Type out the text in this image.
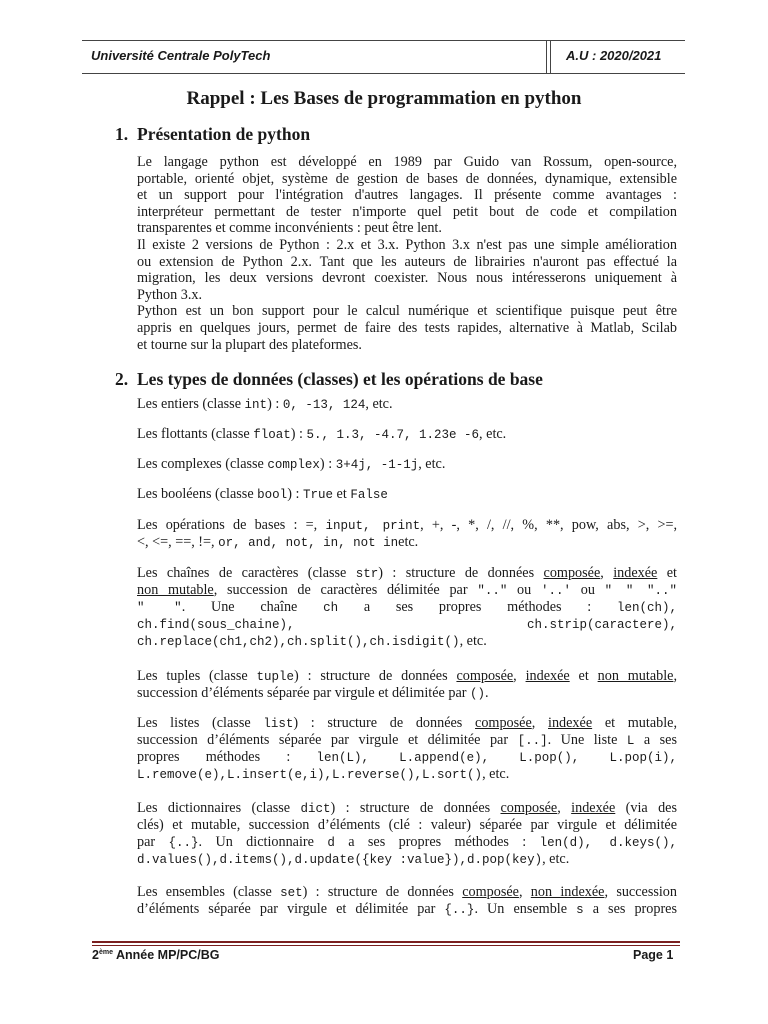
Université Centrale PolyTech	A.U : 2020/2021
Rappel : Les Bases de programmation en python
1. Présentation de python
Le langage python est développé en 1989 par Guido van Rossum, open-source,
portable, orienté objet, système de gestion de bases de données, dynamique, extensible
et un support pour l'intégration d'autres langages. Il présente comme avantages :
interpréteur permettant de tester n'importe quel petit bout de code et compilation
transparentes et comme inconvénients : peut être lent.
Il existe 2 versions de Python : 2.x et 3.x. Python 3.x n'est pas une simple amélioration
ou extension de Python 2.x. Tant que les auteurs de librairies n'auront pas effectué la
migration, les deux versions devront coexister. Nous nous intéresserons uniquement à
Python 3.x.
Python est un bon support pour le calcul numérique et scientifique puisque peut être
appris en quelques jours, permet de faire des tests rapides, alternative à Matlab, Scilab
et tourne sur la plupart des plateformes.
2. Les types de données (classes) et les opérations de base
Les entiers (classe int) : 0, -13, 124, etc.
Les flottants (classe float) : 5., 1.3, -4.7, 1.23e -6, etc.
Les complexes (classe complex) : 3+4j, -1-1j, etc.
Les booléens (classe bool) : True et False
Les opérations de bases : =, input, print, +, -, *, /, //, %, **, pow, abs, >, >=,
<, <=, ==, !=, or, and, not, in, not inetc.
Les chaînes de caractères (classe str) : structure de données composée, indexée et
non mutable, succession de caractères délimitée par ".." ou '..' ou " " ".."
" ". Une chaîne ch a ses propres méthodes : len(ch),
ch.find(sous_chaine),	ch.strip(caractere),
ch.replace(ch1,ch2),ch.split(),ch.isdigit(), etc.
Les tuples (classe tuple) : structure de données composée, indexée et non mutable,
succession d’éléments séparée par virgule et délimitée par ().
Les listes (classe list) : structure de données composée, indexée et mutable,
succession d’éléments séparée par virgule et délimitée par [..]. Une liste L a ses
propres méthodes : len(L), L.append(e), L.pop(), L.pop(i),
L.remove(e),L.insert(e,i),L.reverse(),L.sort(), etc.
Les dictionnaires (classe dict) : structure de données composée, indexée (via des
clés) et mutable, succession d’éléments (clé : valeur) séparée par virgule et délimitée
par {..}. Un dictionnaire d a ses propres méthodes : len(d), d.keys(),
d.values(),d.items(),d.update({key :value}),d.pop(key), etc.
Les ensembles (classe set) : structure de données composée, non indexée, succession
d’éléments séparée par virgule et délimitée par {..}. Un ensemble s a ses propres
2ème Année MP/PC/BG	Page 1
